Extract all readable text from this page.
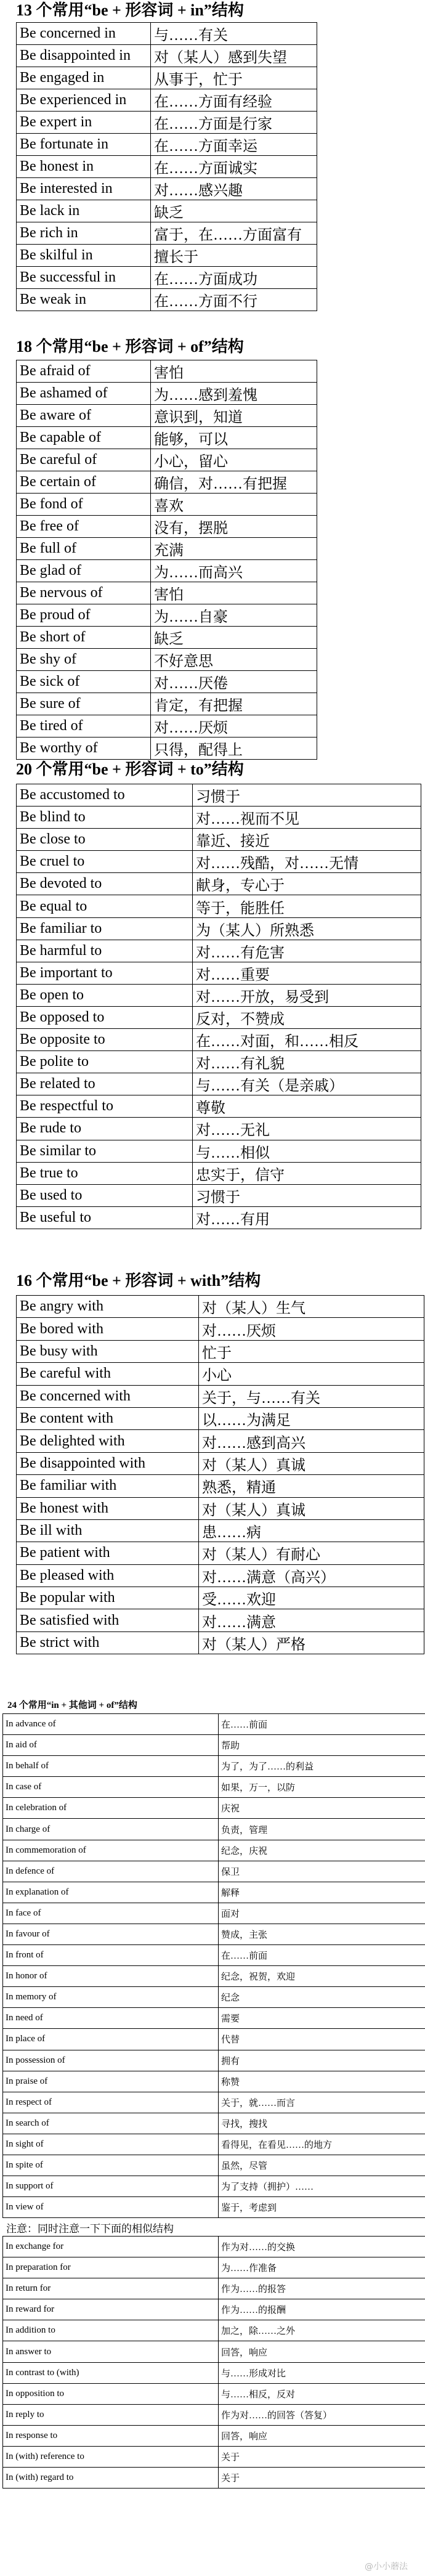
13 个常用“be + 形容词 + in”结构
Be concerned in	与……有关
Be disappointed in	对（某人）感到失望
Be engaged in	从事于，忙于
Be experienced in	在……方面有经验
Be expert in	在……方面是行家
Be fortunate in	在……方面幸运
Be honest in	在……方面诚实
Be interested in	对……感兴趣
Be lack in	缺乏
Be rich in	富于，在……方面富有
Be skilful in	擅长于
Be successful in	在……方面成功
Be weak in	在……方面不行
18 个常用“be + 形容词 + of”结构
Be afraid of	害怕
Be ashamed of	为……感到羞愧
Be aware of	意识到，知道
Be capable of	能够，可以
Be careful of	小心，留心
Be certain of	确信，对……有把握
Be fond of	喜欢
Be free of	没有，摆脱
Be full of	充满
Be glad of	为……而高兴
Be nervous of	害怕
Be proud of	为……自豪
Be short of	缺乏
Be shy of	不好意思
Be sick of	对……厌倦
Be sure of	肯定，有把握
Be tired of	对……厌烦
Be worthy of	只得，配得上
20 个常用“be + 形容词 + to”结构
Be accustomed to	习惯于
Be blind to	对……视而不见
Be close to	靠近、接近
Be cruel to	对……残酷，对……无情
Be devoted to	献身，专心于
Be equal to	等于，能胜任
Be familiar to	为（某人）所熟悉
Be harmful to	对……有危害
Be important to	对……重要
Be open to	对……开放，易受到
Be opposed to	反对，不赞成
Be opposite to	在……对面，和……相反
Be polite to	对……有礼貌
Be related to	与……有关（是亲戚）
Be respectful to	尊敬
Be rude to	对……无礼
Be similar to	与……相似
Be true to	忠实于，信守
Be used to	习惯于
Be useful to	对……有用
16 个常用“be + 形容词 + with”结构
Be angry with	对（某人）生气
Be bored with	对……厌烦
Be busy with	忙于
Be careful with	小心
Be concerned with	关于，与……有关
Be content with	以……为满足
Be delighted with	对……感到高兴
Be disappointed with	对（某人）真诚
Be familiar with	熟悉，精通
Be honest with	对（某人）真诚
Be ill with	患……病
Be patient with	对（某人）有耐心
Be pleased with	对……满意（高兴）
Be popular with	受……欢迎
Be satisfied with	对……满意
Be strict with	对（某人）严格
24 个常用“in + 其他词 + of”结构
In advance of	在……前面
In aid of	帮助
In behalf of	为了，为了……的利益
In case of	如果，万一，以防
In celebration of	庆祝
In charge of	负责，管理
In commemoration of	纪念，庆祝
In defence of	保卫
In explanation of	解释
In face of	面对
In favour of	赞成，主张
In front of	在……前面
In honor of	纪念，祝贺，欢迎
In memory of	纪念
In need of	需要
In place of	代替
In possession of	拥有
In praise of	称赞
In respect of	关于，就……而言
In search of	寻找，搜找
In sight of	看得见，在看见……的地方
In spite of	虽然，尽管
In support of	为了支持（拥护）……
In view of	鉴于，考虑到
注意：同时注意一下下面的相似结构
In exchange for	作为对……的交换
In preparation for	为……作准备
In return for	作为……的报答
In reward for	作为……的报酬
In addition to	加之，除……之外
In answer to	回答，响应
In contrast to (with)	与……形成对比
In opposition to	与……相反，反对
In reply to	作为对……的回答（答复）
In response to	回答，响应
In (with) reference to	关于
In (with) regard to	关于
@小小蘑法
